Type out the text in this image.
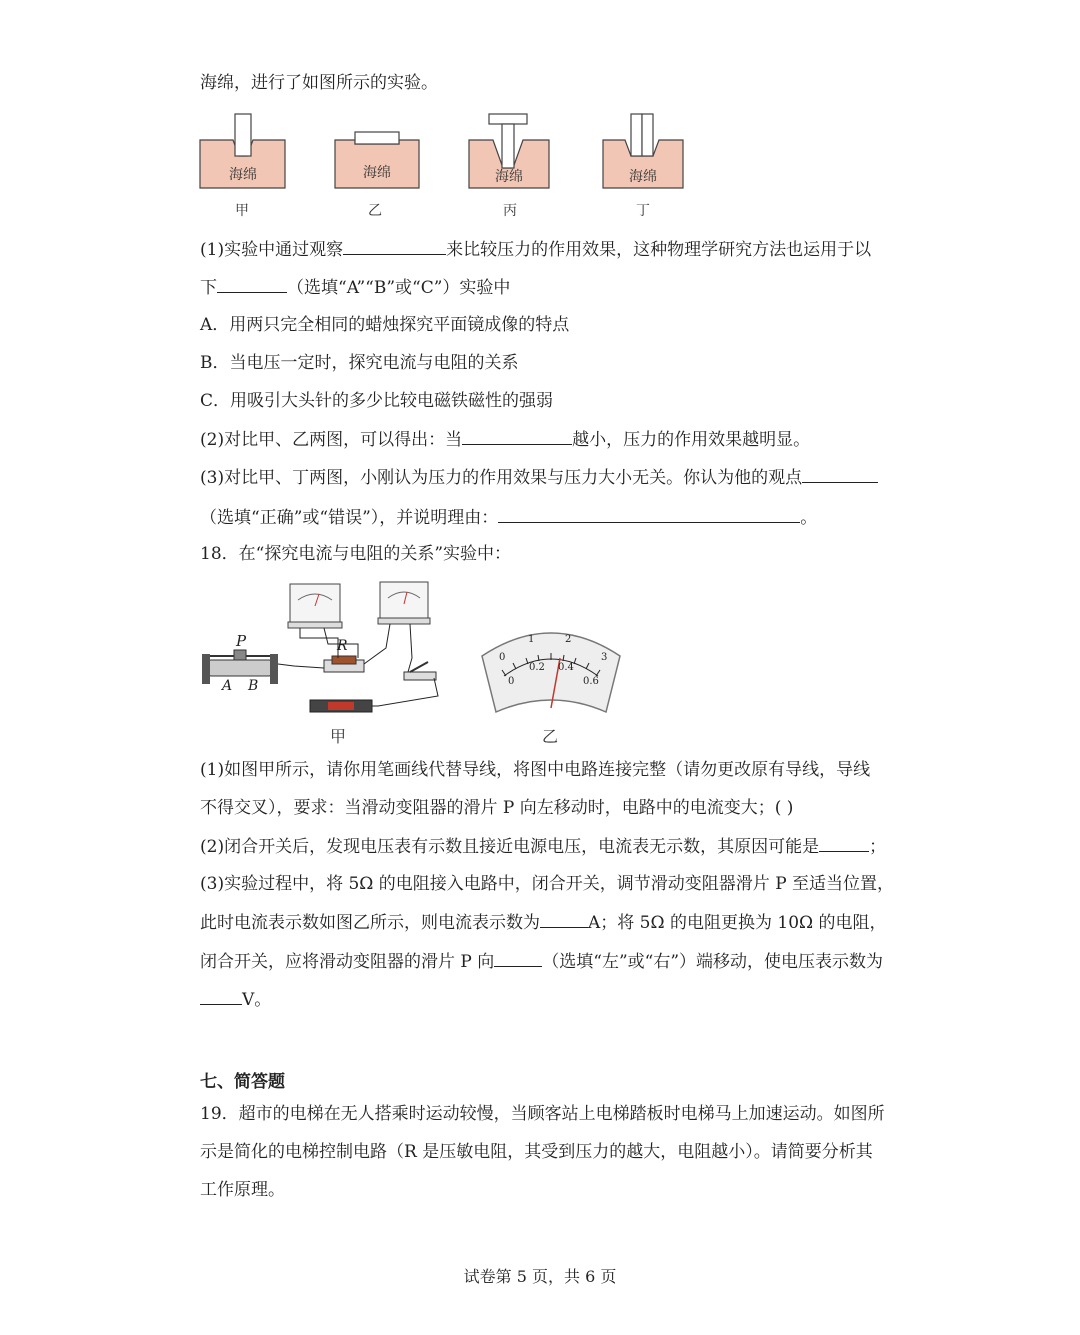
海绵，进行了如图所示的实验。
海绵	海绵	海绵	海绵
甲	乙	丙	丁
(1)实验中通过观察	来比较压力的作用效果，这种物理学研究方法也运用于以
下	（选填“A”“B”或“C”）实验中
A．用两只完全相同的蜡烛探究平面镜成像的特点
B．当电压一定时，探究电流与电阻的关系
C．用吸引大头针的多少比较电磁铁磁性的强弱
(2)对比甲、乙两图，可以得出：当	越小，压力的作用效果越明显。
(3)对比甲、丁两图，小刚认为压力的作用效果与压力大小无关。你认为他的观点
（选填“正确”或“错误”），并说明理由：	。
18．在“探究电流与电阻的关系”实验中：
P
A B
R
0
1	2
3
0
0.2 0.4
0.6
甲	乙
(1)如图甲所示，请你用笔画线代替导线，将图中电路连接完整（请勿更改原有导线，导线
不得交叉），要求：当滑动变阻器的滑片 P 向左移动时，电路中的电流变大；( )
(2)闭合开关后，发现电压表有示数且接近电源电压，电流表无示数，其原因可能是	；
(3)实验过程中，将 5Ω 的电阻接入电路中，闭合开关，调节滑动变阻器滑片 P 至适当位置，
此时电流表示数如图乙所示，则电流表示数为	A；将 5Ω 的电阻更换为 10Ω 的电阻，
闭合开关，应将滑动变阻器的滑片 P 向	（选填“左”或“右”）端移动，使电压表示数为
V。
七、简答题
19．超市的电梯在无人搭乘时运动较慢，当顾客站上电梯踏板时电梯马上加速运动。如图所
示是简化的电梯控制电路（R 是压敏电阻，其受到压力的越大，电阻越小）。请简要分析其
工作原理。
试卷第 5 页，共 6 页
